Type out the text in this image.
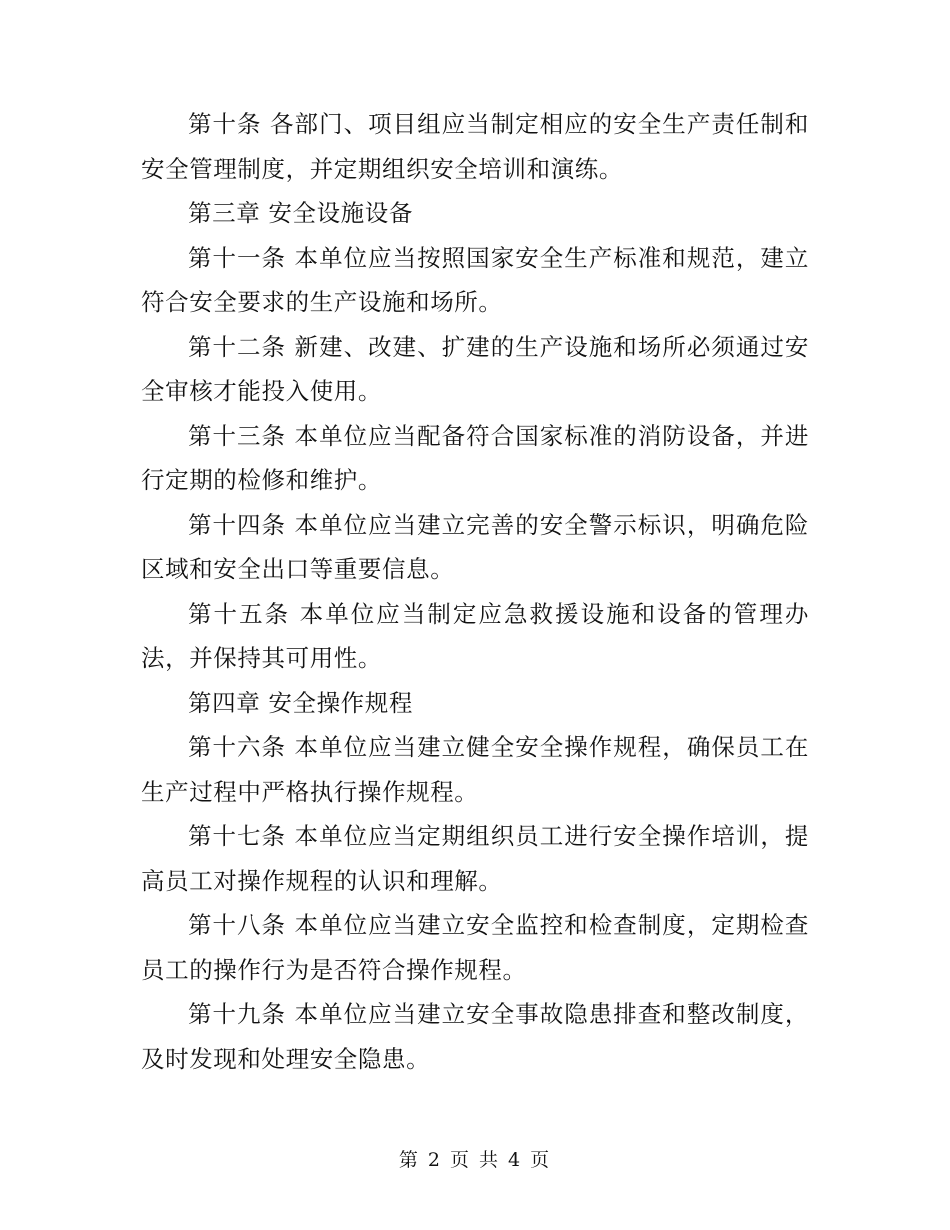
第十条 各部门、项目组应当制定相应的安全生产责任制和安全管理制度，并定期组织安全培训和演练。

第三章 安全设施设备

第十一条 本单位应当按照国家安全生产标准和规范，建立符合安全要求的生产设施和场所。

第十二条 新建、改建、扩建的生产设施和场所必须通过安全审核才能投入使用。

第十三条 本单位应当配备符合国家标准的消防设备，并进行定期的检修和维护。

第十四条 本单位应当建立完善的安全警示标识，明确危险区域和安全出口等重要信息。

第十五条 本单位应当制定应急救援设施和设备的管理办法，并保持其可用性。

第四章 安全操作规程

第十六条 本单位应当建立健全安全操作规程，确保员工在生产过程中严格执行操作规程。

第十七条 本单位应当定期组织员工进行安全操作培训，提高员工对操作规程的认识和理解。

第十八条 本单位应当建立安全监控和检查制度，定期检查员工的操作行为是否符合操作规程。

第十九条 本单位应当建立安全事故隐患排查和整改制度，及时发现和处理安全隐患。

第 2 页 共 4 页
